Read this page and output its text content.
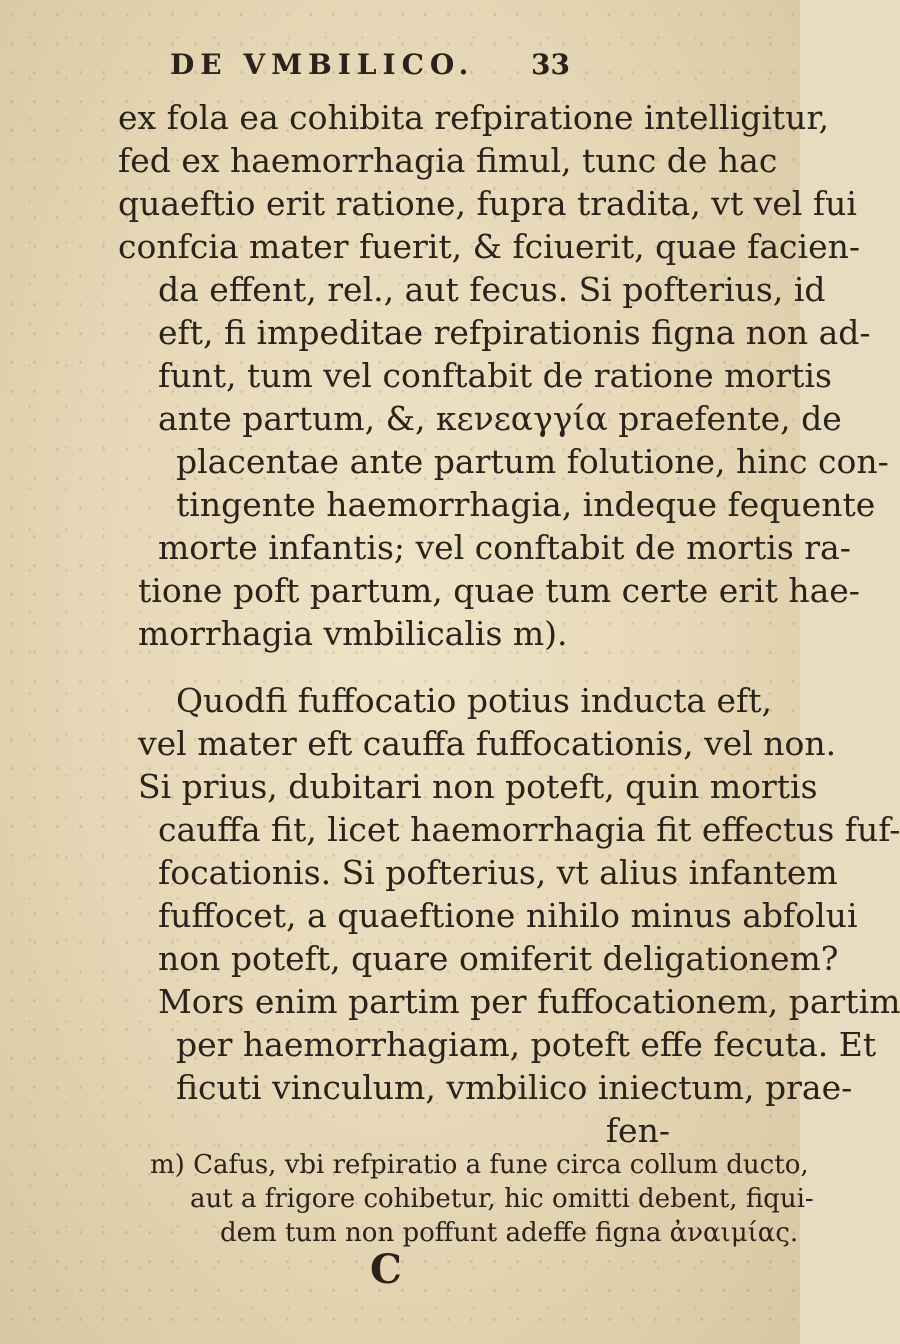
DE VMBILICO. 33
ex fola ea cohibita refpiratione intelligitur,
fed ex haemorrhagia fimul, tunc de hac
quaeftio erit ratione, fupra tradita, vt vel fui
confcia mater fuerit, & fciuerit, quae facien-
da effent, rel., aut fecus. Si pofterius, id
eft, fi impeditae refpirationis figna non ad-
funt, tum vel conftabit de ratione mortis
ante partum, &, κενεαγγία praefente, de
placentae ante partum folutione, hinc con-
tingente haemorrhagia, indeque fequente
morte infantis; vel conftabit de mortis ra-
tione poft partum, quae tum certe erit hae-
morrhagia vmbilicalis m).
Quodfi fuffocatio potius inducta eft,
vel mater eft cauffa fuffocationis, vel non.
Si prius, dubitari non poteft, quin mortis
cauffa fit, licet haemorrhagia fit effectus fuf-
focationis. Si pofterius, vt alius infantem
fuffocet, a quaeftione nihilo minus abfolui
non poteft, quare omiferit deligationem?
Mors enim partim per fuffocationem, partim
per haemorrhagiam, poteft effe fecuta. Et
ficuti vinculum, vmbilico iniectum, prae-
fen-
m) Cafus, vbi refpiratio a fune circa collum ducto,
aut a frigore cohibetur, hic omitti debent, fiqui-
dem tum non poffunt adeffe figna ἀναιμίας.
C
